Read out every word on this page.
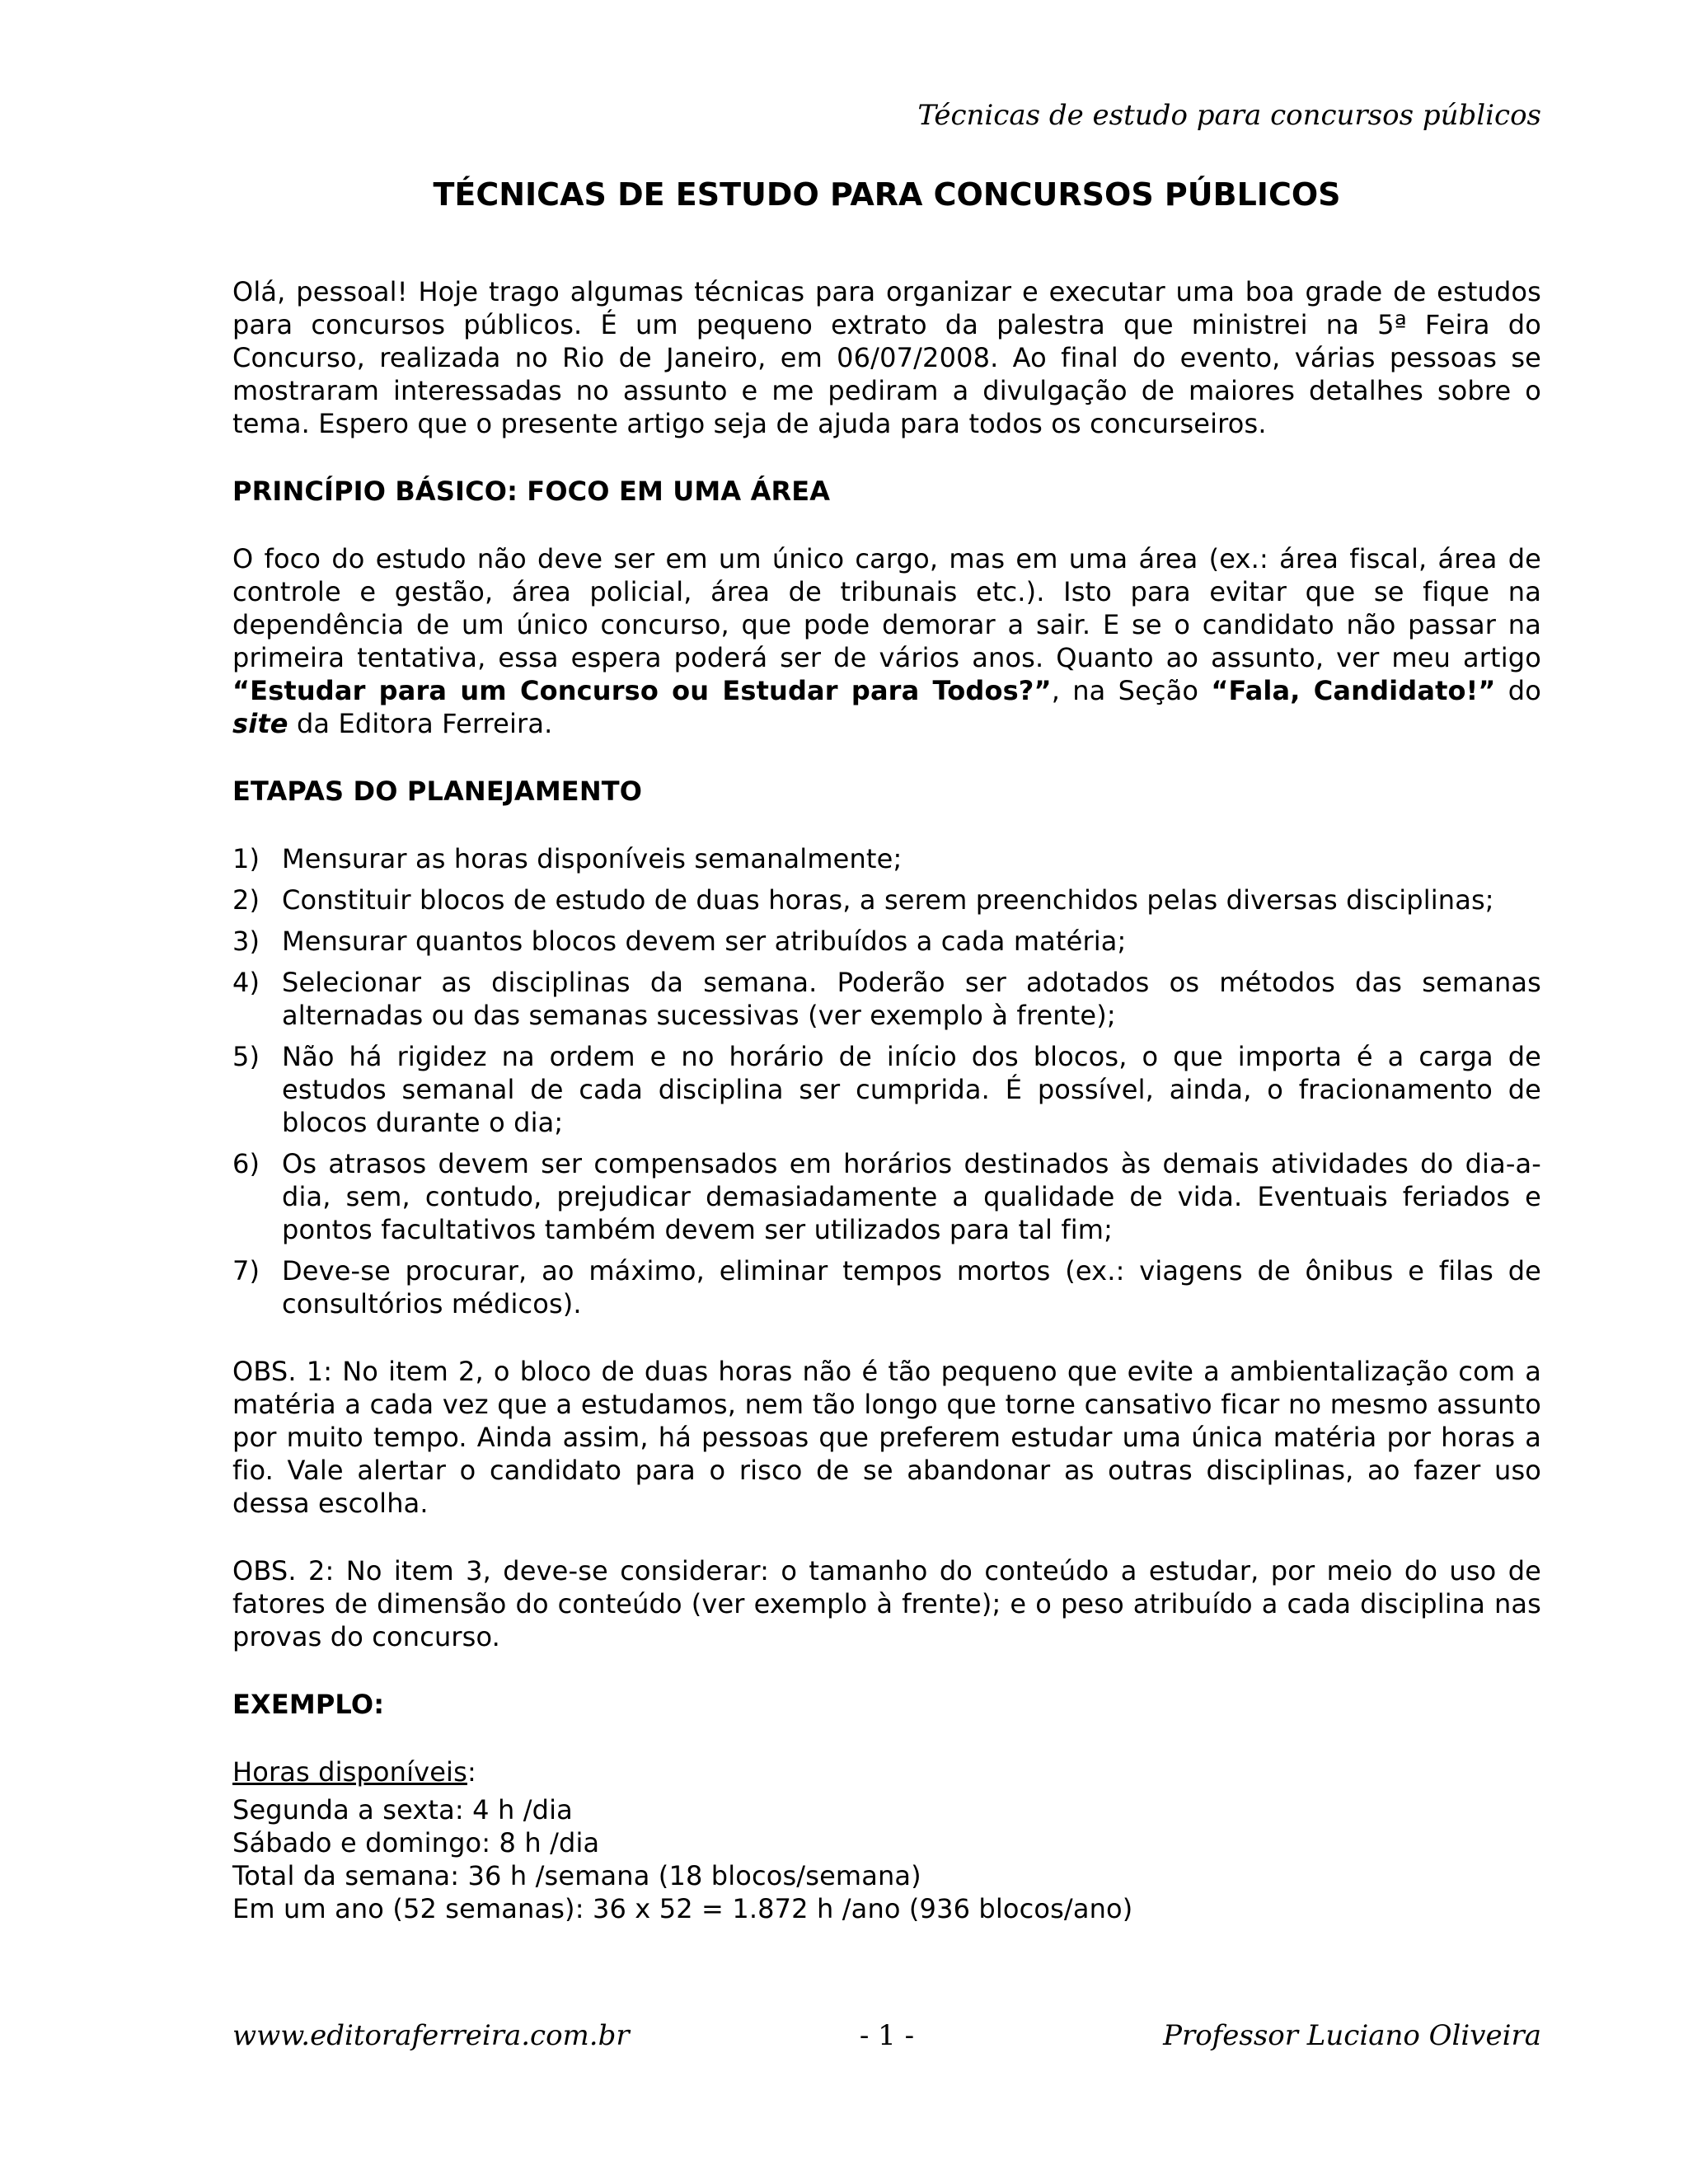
Técnicas de estudo para concursos públicos
TÉCNICAS DE ESTUDO PARA CONCURSOS PÚBLICOS

Olá, pessoal! Hoje trago algumas técnicas para organizar e executar uma boa grade de estudos para concursos públicos. É um pequeno extrato da palestra que ministrei na 5ª Feira do Concurso, realizada no Rio de Janeiro, em 06/07/2008. Ao final do evento, várias pessoas se mostraram interessadas no assunto e me pediram a divulgação de maiores detalhes sobre o tema. Espero que o presente artigo seja de ajuda para todos os concurseiros.

PRINCÍPIO BÁSICO: FOCO EM UMA ÁREA

O foco do estudo não deve ser em um único cargo, mas em uma área (ex.: área fiscal, área de controle e gestão, área policial, área de tribunais etc.). Isto para evitar que se fique na dependência de um único concurso, que pode demorar a sair. E se o candidato não passar na primeira tentativa, essa espera poderá ser de vários anos. Quanto ao assunto, ver meu artigo “Estudar para um Concurso ou Estudar para Todos?”, na Seção “Fala, Candidato!” do site da Editora Ferreira.

ETAPAS DO PLANEJAMENTO

1) Mensurar as horas disponíveis semanalmente;
2) Constituir blocos de estudo de duas horas, a serem preenchidos pelas diversas disciplinas;
3) Mensurar quantos blocos devem ser atribuídos a cada matéria;
4) Selecionar as disciplinas da semana. Poderão ser adotados os métodos das semanas alternadas ou das semanas sucessivas (ver exemplo à frente);
5) Não há rigidez na ordem e no horário de início dos blocos, o que importa é a carga de estudos semanal de cada disciplina ser cumprida. É possível, ainda, o fracionamento de blocos durante o dia;
6) Os atrasos devem ser compensados em horários destinados às demais atividades do dia-a-dia, sem, contudo, prejudicar demasiadamente a qualidade de vida. Eventuais feriados e pontos facultativos também devem ser utilizados para tal fim;
7) Deve-se procurar, ao máximo, eliminar tempos mortos (ex.: viagens de ônibus e filas de consultórios médicos).

OBS. 1: No item 2, o bloco de duas horas não é tão pequeno que evite a ambientalização com a matéria a cada vez que a estudamos, nem tão longo que torne cansativo ficar no mesmo assunto por muito tempo. Ainda assim, há pessoas que preferem estudar uma única matéria por horas a fio. Vale alertar o candidato para o risco de se abandonar as outras disciplinas, ao fazer uso dessa escolha.

OBS. 2: No item 3, deve-se considerar: o tamanho do conteúdo a estudar, por meio do uso de fatores de dimensão do conteúdo (ver exemplo à frente); e o peso atribuído a cada disciplina nas provas do concurso.

EXEMPLO:

Horas disponíveis:

Segunda a sexta: 4 h /dia

Sábado e domingo: 8 h /dia

Total da semana: 36 h /semana (18 blocos/semana)

Em um ano (52 semanas): 36 x 52 = 1.872 h /ano (936 blocos/ano)

www.editoraferreira.com.br	- 1 -	Professor Luciano Oliveira
